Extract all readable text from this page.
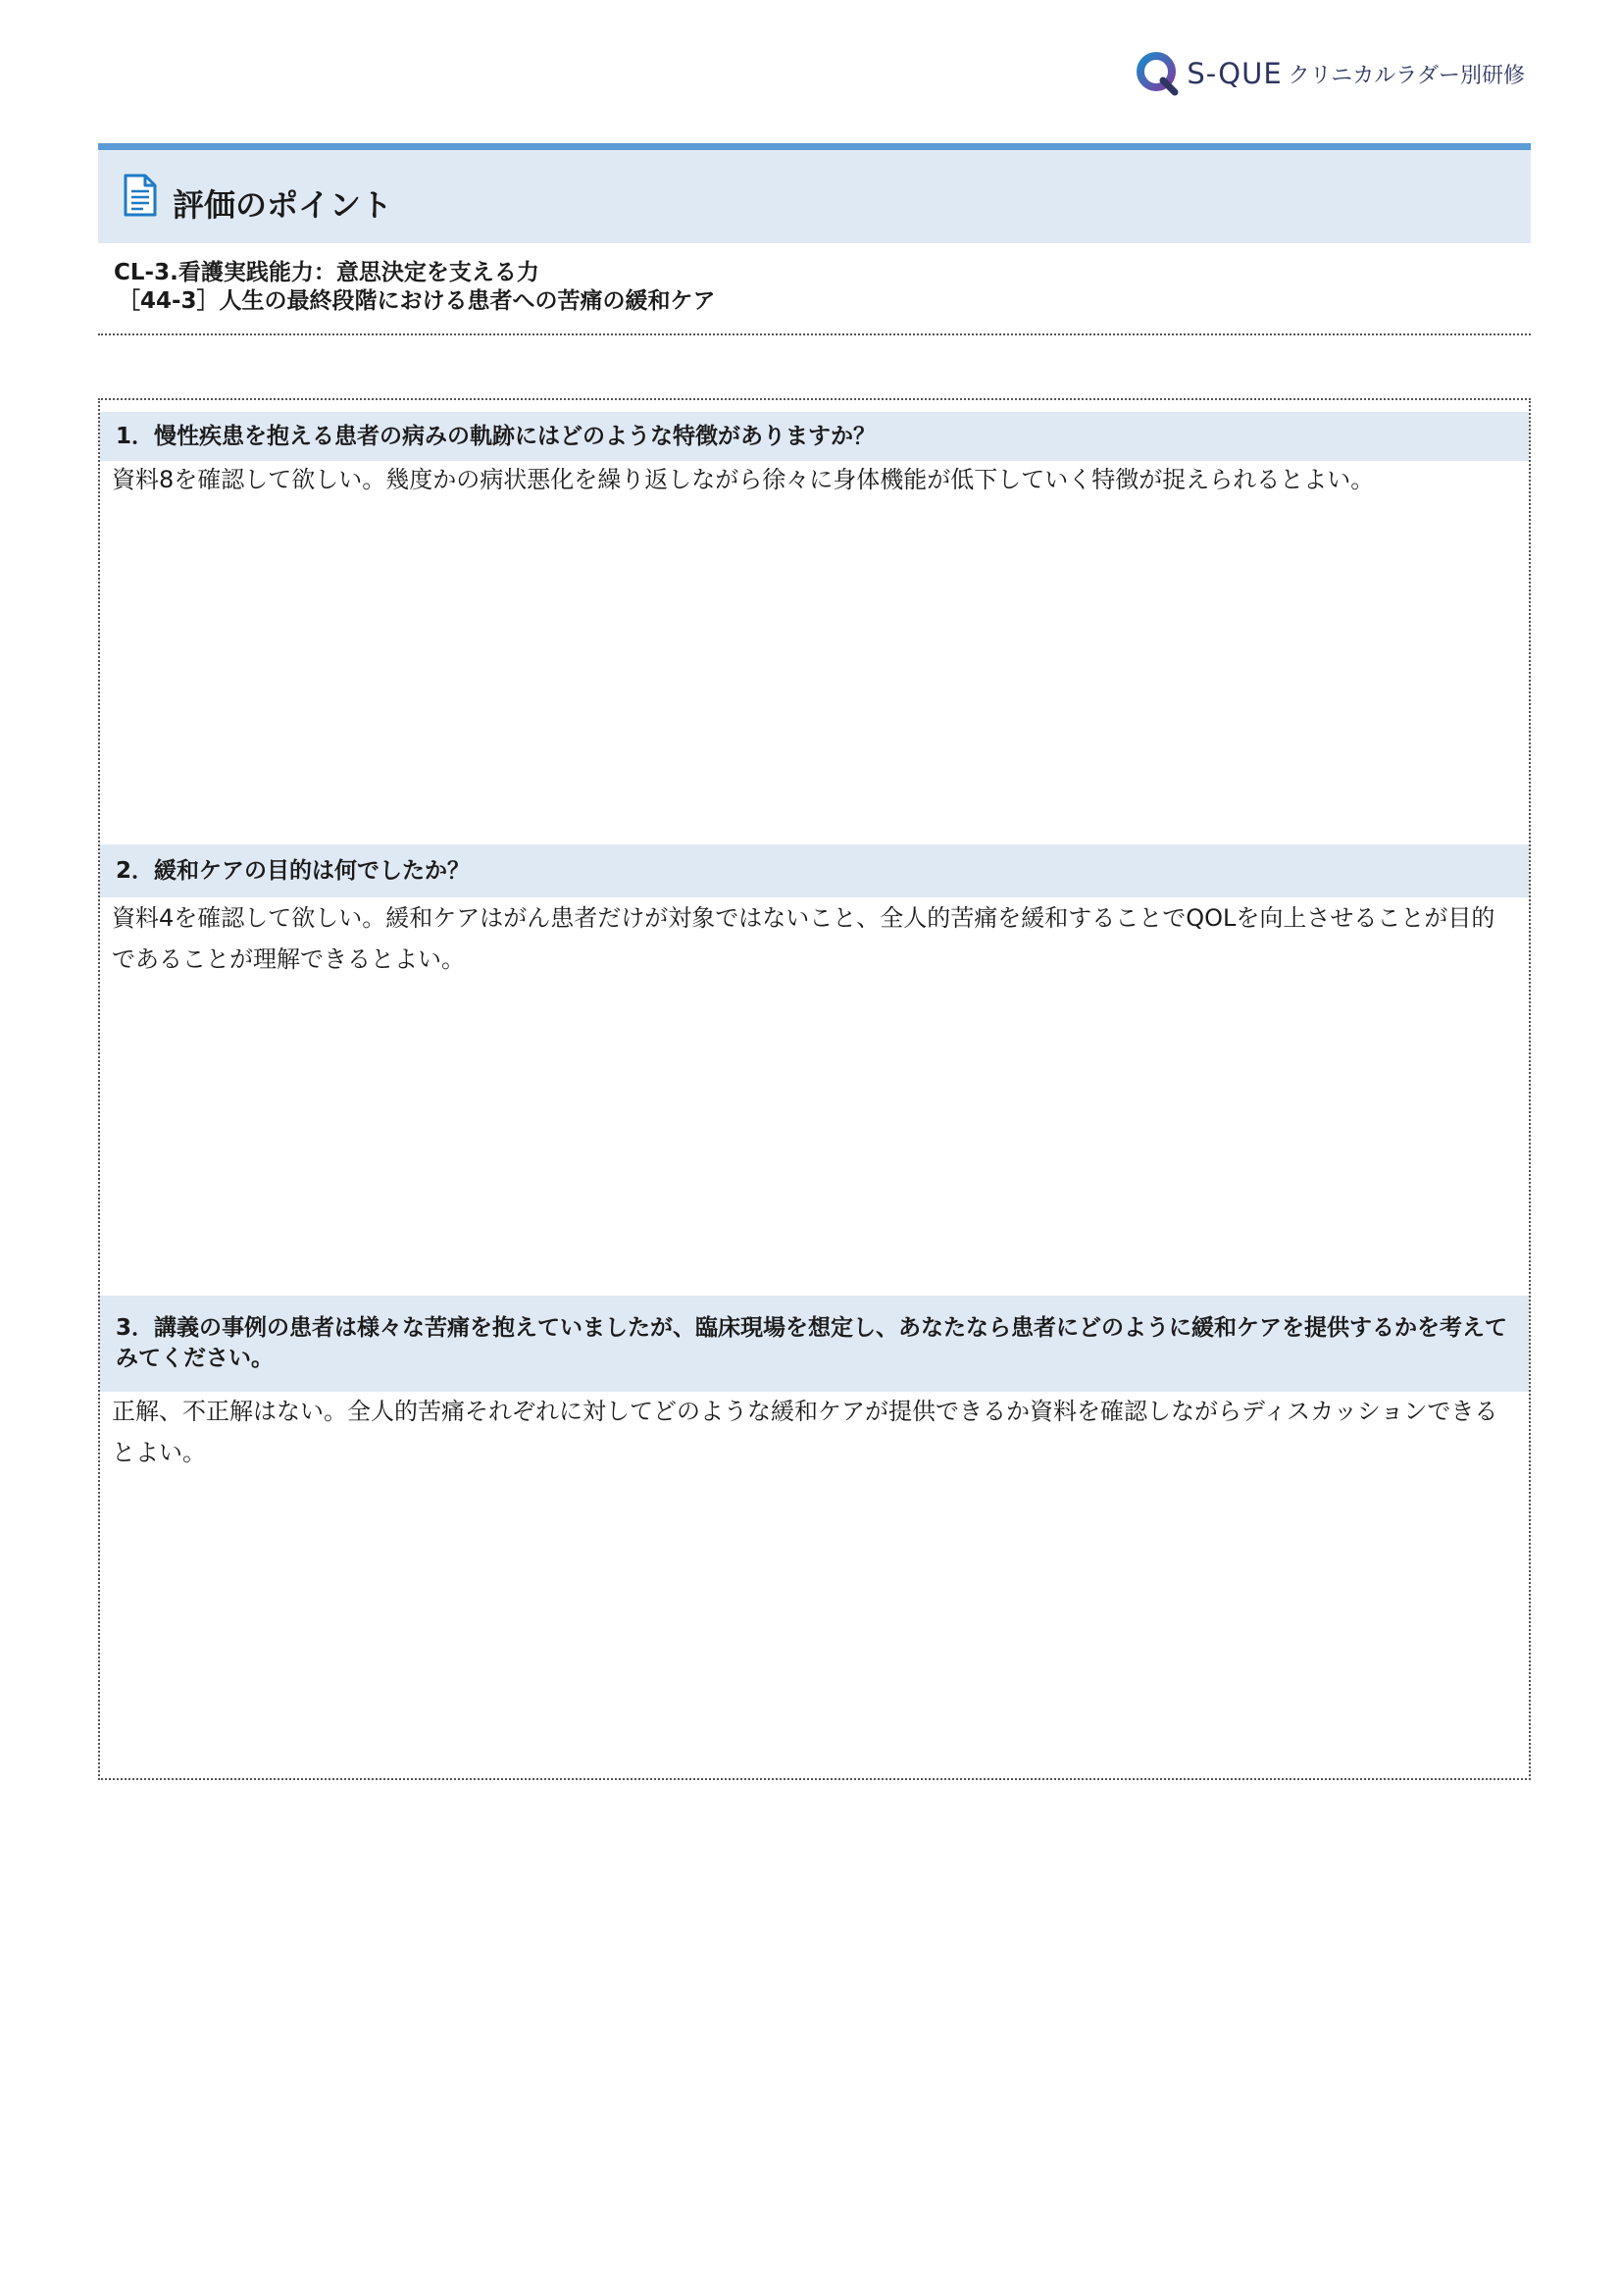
S-QUE クリニカルラダー別研修
評価のポイント
CL-3.看護実践能力：意思決定を支える力
［44-3］人生の最終段階における患者への苦痛の緩和ケア
1． 慢性疾患を抱える患者の病みの軌跡にはどのような特徴がありますか？
資料8を確認して欲しい。幾度かの病状悪化を繰り返しながら徐々に身体機能が低下していく特徴が捉えられるとよい。
2． 緩和ケアの目的は何でしたか？
資料4を確認して欲しい。緩和ケアはがん患者だけが対象ではないこと、全人的苦痛を緩和することでQOLを向上させることが目的であることが理解できるとよい。
3．講義の事例の患者は様々な苦痛を抱えていましたが、臨床現場を想定し、あなたなら患者にどのように緩和ケアを提供するかを考えてみてください。
正解、不正解はない。全人的苦痛それぞれに対してどのような緩和ケアが提供できるか資料を確認しながらディスカッションできるとよい。
